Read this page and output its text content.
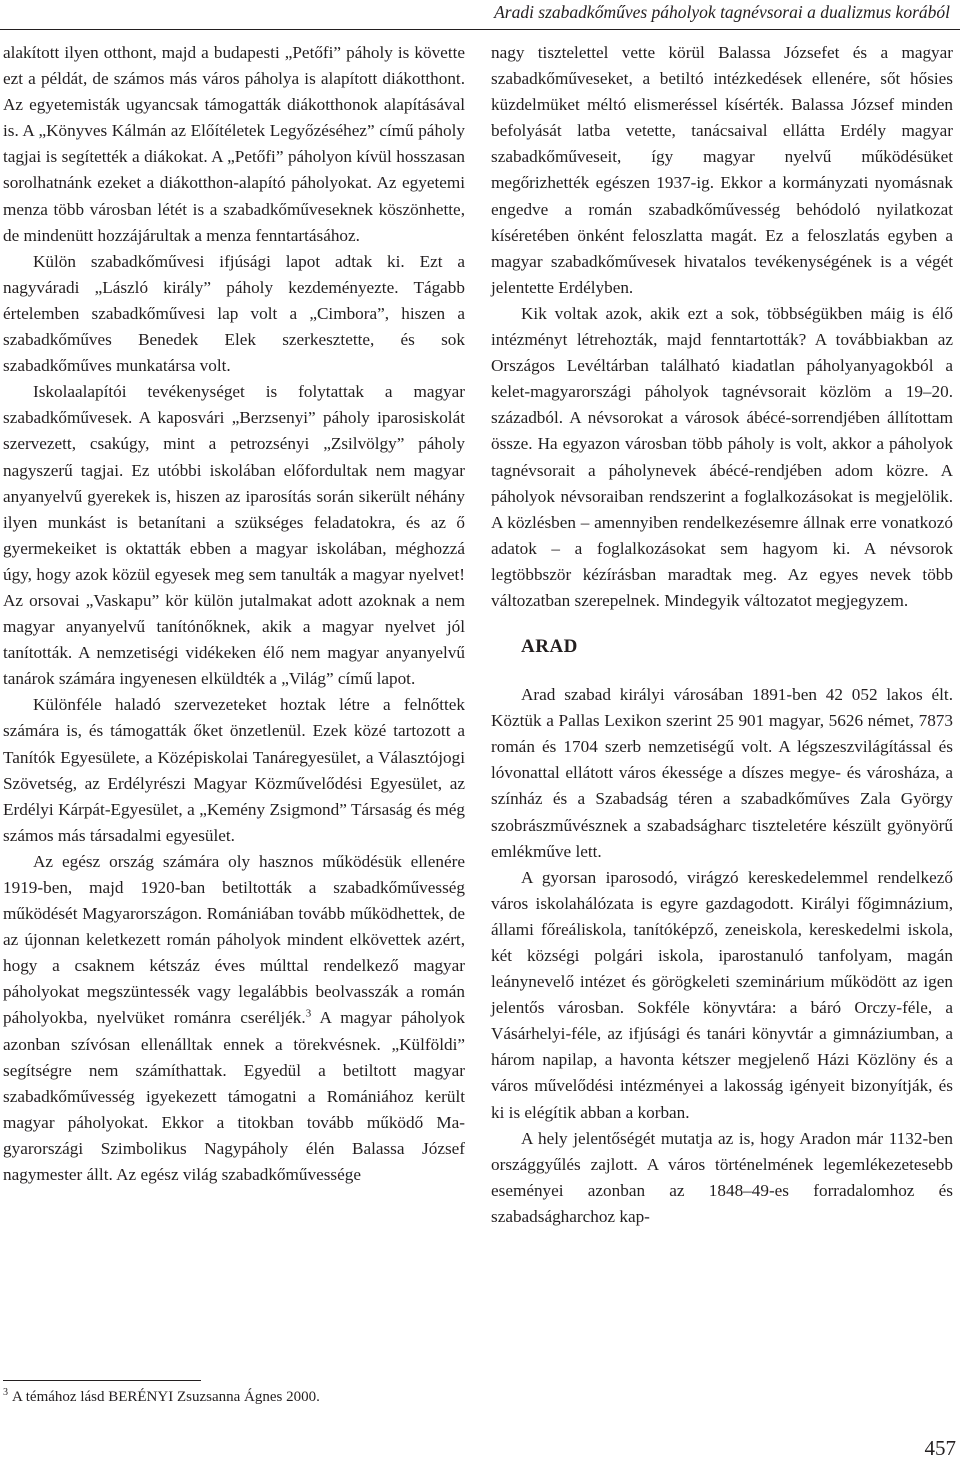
Aradi szabadkőműves páholyok tagnévsorai a dualizmus korából

alakított ilyen otthont, majd a budapesti „Petőfi” páholy is követte ezt a példát, de számos más város páholya is alapított diákotthont. Az egyetemisták ugyancsak támogatták diákotthonok alapításával is. A „Könyves Kálmán az Előítéletek Legyőzéséhez” című páholy tagjai is segítették a diákokat. A „Petőfi” páholyon kívül hosszasan sorolhatnánk ezeket a diákotthon-alapító páholyokat. Az egyetemi menza több városban létét is a szabadkőműveseknek köszönhette, de mindenütt hozzájárultak a menza fenntartásához.

Külön szabadkőművesi ifjúsági lapot adtak ki. Ezt a nagyváradi „László király” páholy kezdeményezte. Tágabb értelemben szabadkőművesi lap volt a „Cimbora”, hiszen a szabadkőműves Benedek Elek szerkesztette, és sok szabadkőműves munkatársa volt.

Iskolaalapítói tevékenységet is folytattak a magyar szabadkőművesek. A kaposvári „Berzsenyi” páholy iparosiskolát szervezett, csakúgy, mint a petrozsényi „Zsilvölgy” páholy nagyszerű tagjai. Ez utóbbi iskolában előfordultak nem magyar anyanyelvű gyerekek is, hiszen az iparosítás során sikerült néhány ilyen munkást is betanítani a szükséges feladatokra, és az ő gyermekeiket is oktatták ebben a magyar iskolában, méghozzá úgy, hogy azok közül egyesek meg sem tanulták a magyar nyelvet! Az orsovai „Vaskapu” kör külön jutalmakat adott azoknak a nem magyar anyanyelvű tanítónőknek, akik a magyar nyelvet jól tanították. A nemzetiségi vidékeken élő nem magyar anyanyelvű tanárok számára ingyenesen elküldték a „Világ” című lapot.

Különféle haladó szervezeteket hoztak létre a felnőttek számára is, és támogatták őket önzetlenül. Ezek közé tartozott a Tanítók Egyesülete, a Középiskolai Tanáregyesület, a Választójogi Szövetség, az Erdélyrészi Magyar Közművelődési Egyesület, az Erdélyi Kárpát-Egyesület, a „Kemény Zsigmond” Társaság és még számos más társadalmi egyesület.

Az egész ország számára oly hasznos működésük ellenére 1919-ben, majd 1920-ban betiltották a szabadkőművesség működését Magyarországon. Romániában tovább működhettek, de az újonnan keletkezett román páholyok mindent elkövettek azért, hogy a csaknem kétszáz éves múlttal rendelkező magyar páholyokat megszüntessék vagy legalábbis beolvasszák a román páholyokba, nyelvüket románra cseréljék.$^3$ A magyar páholyok azonban szívósan ellenálltak ennek a törekvésnek. „Külföldi” segítségre nem számíthattak. Egyedül a betiltott magyar szabadkőművesség igyekezett támogatni a Romániához került magyar páholyokat. Ekkor a titokban tovább működő Magyarországi Szimbolikus Nagypáholy élén Balassa József nagymester állt. Az egész világ szabadkőművessége

nagy tisztelettel vette körül Balassa Józsefet és a magyar szabadkőműveseket, a betiltó intézkedések ellenére, sőt hősies küzdelmüket méltó elismeréssel kísérték. Balassa József minden befolyását latba vetette, tanácsaival ellátta Erdély magyar szabadkőműveseit, így magyar nyelvű működésüket megőrizhették egészen 1937-ig. Ekkor a kormányzati nyomásnak engedve a román szabadkőművesség behódoló nyilatkozat kíséretében önként feloszlatta magát. Ez a feloszlatás egyben a magyar szabadkőművesek hivatalos tevékenységének is a végét jelentette Erdélyben.

Kik voltak azok, akik ezt a sok, többségükben máig is élő intézményt létrehozták, majd fenntartották? A továbbiakban az Országos Levéltárban található kiadatlan páholyanyagokból a kelet-magyarországi páholyok tagnévsorait közlöm a 19–20. századból. A névsorokat a városok ábécé-sorrendjében állítottam össze. Ha egyazon városban több páholy is volt, akkor a páholyok tagnévsorait a páholynevek ábécé-rendjében adom közre. A páholyok névsoraiban rendszerint a foglalkozásokat is megjelölik. A közlésben – amennyiben rendelkezésemre állnak erre vonatkozó adatok – a foglalkozásokat sem hagyom ki. A névsorok legtöbbször kézírásban maradtak meg. Az egyes nevek több változatban szerepelnek. Mindegyik változatot megjegyzem.

ARAD

Arad szabad királyi városában 1891-ben 42 052 lakos élt. Köztük a Pallas Lexikon szerint 25 901 magyar, 5626 német, 7873 román és 1704 szerb nemzetiségű volt. A légszeszvilágítással és lóvonattal ellátott város ékessége a díszes megye- és városháza, a színház és a Szabadság téren a szabadkőműves Zala György szobrászművésznek a szabadságharc tiszteletére készült gyönyörű emlékműve lett.

A gyorsan iparosodó, virágzó kereskedelemmel rendelkező város iskolahálózata is egyre gazdagodott. Királyi főgimnázium, állami főreáliskola, tanítóképző, zeneiskola, kereskedelmi iskola, két községi polgári iskola, iparostanuló tanfolyam, magán leánynevelő intézet és görögkeleti szeminárium működött az igen jelentős városban. Sokféle könyvtára: a báró Orczy-féle, a Vásárhelyi-féle, az ifjúsági és tanári könyvtár a gimnáziumban, a három napilap, a havonta kétszer megjelenő Házi Közlöny és a város művelődési intézményei a lakosság igényeit bizonyítják, és ki is elégítik abban a korban.

A hely jelentőségét mutatja az is, hogy Aradon már 1132-ben országgyűlés zajlott. A város történelmének legemlékezetesebb eseményei azonban az 1848–49-es forradalomhoz és szabadságharchoz kap-

$^3$ A témához lásd BERÉNYI Zsuzsanna Ágnes 2000.
457
